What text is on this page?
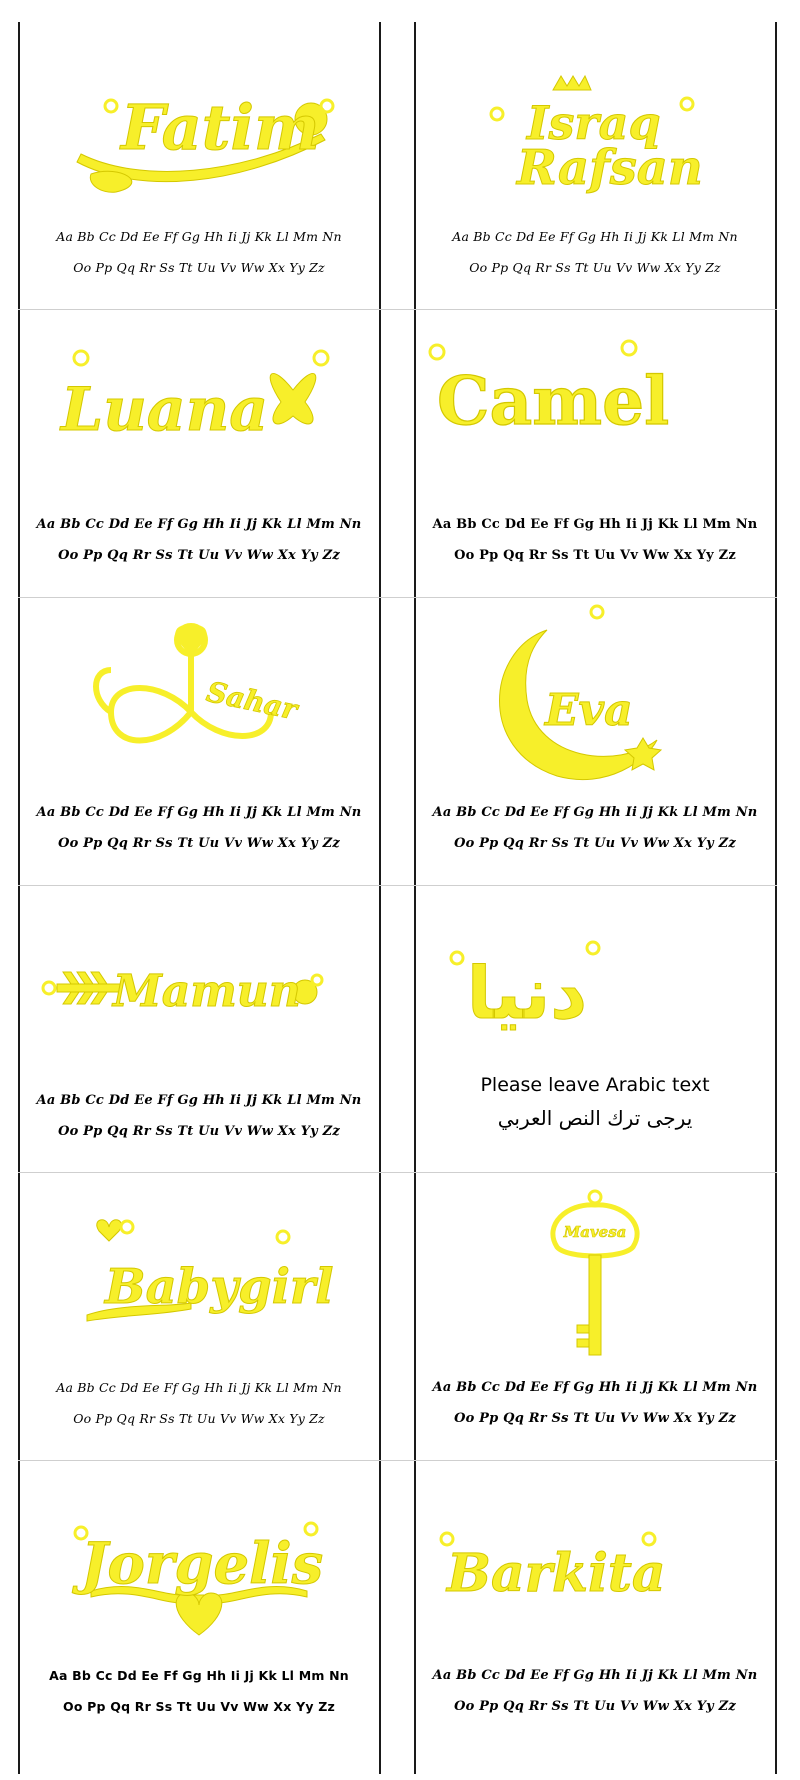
Fatim
Aa Bb Cc Dd Ee Ff Gg Hh Ii Jj Kk Ll Mm Nn
Oo Pp Qq Rr Ss Tt Uu Vv Ww Xx Yy Zz
Israq
Rafsan
Aa Bb Cc Dd Ee Ff Gg Hh Ii Jj Kk Ll Mm Nn
Oo Pp Qq Rr Ss Tt Uu Vv Ww Xx Yy Zz
Luana
Aa Bb Cc Dd Ee Ff Gg Hh Ii Jj Kk Ll Mm Nn
Oo Pp Qq Rr Ss Tt Uu Vv Ww Xx Yy Zz
Camel
Aa Bb Cc Dd Ee Ff Gg Hh Ii Jj Kk Ll Mm Nn
Oo Pp Qq Rr Ss Tt Uu Vv Ww Xx Yy Zz
Sahar
Aa Bb Cc Dd Ee Ff Gg Hh Ii Jj Kk Ll Mm Nn
Oo Pp Qq Rr Ss Tt Uu Vv Ww Xx Yy Zz
Eva
Aa Bb Cc Dd Ee Ff Gg Hh Ii Jj Kk Ll Mm Nn
Oo Pp Qq Rr Ss Tt Uu Vv Ww Xx Yy Zz
Mamun
Aa Bb Cc Dd Ee Ff Gg Hh Ii Jj Kk Ll Mm Nn
Oo Pp Qq Rr Ss Tt Uu Vv Ww Xx Yy Zz
دنيا
Please leave Arabic text
يرجى ترك النص العربي
Babygirl
Aa Bb Cc Dd Ee Ff Gg Hh Ii Jj Kk Ll Mm Nn
Oo Pp Qq Rr Ss Tt Uu Vv Ww Xx Yy Zz
Mavesa
Aa Bb Cc Dd Ee Ff Gg Hh Ii Jj Kk Ll Mm Nn
Oo Pp Qq Rr Ss Tt Uu Vv Ww Xx Yy Zz
Jorgelis
Aa Bb Cc Dd Ee Ff Gg Hh Ii Jj Kk Ll Mm Nn
Oo Pp Qq Rr Ss Tt Uu Vv Ww Xx Yy Zz
Barkita
Aa Bb Cc Dd Ee Ff Gg Hh Ii Jj Kk Ll Mm Nn
Oo Pp Qq Rr Ss Tt Uu Vv Ww Xx Yy Zz
